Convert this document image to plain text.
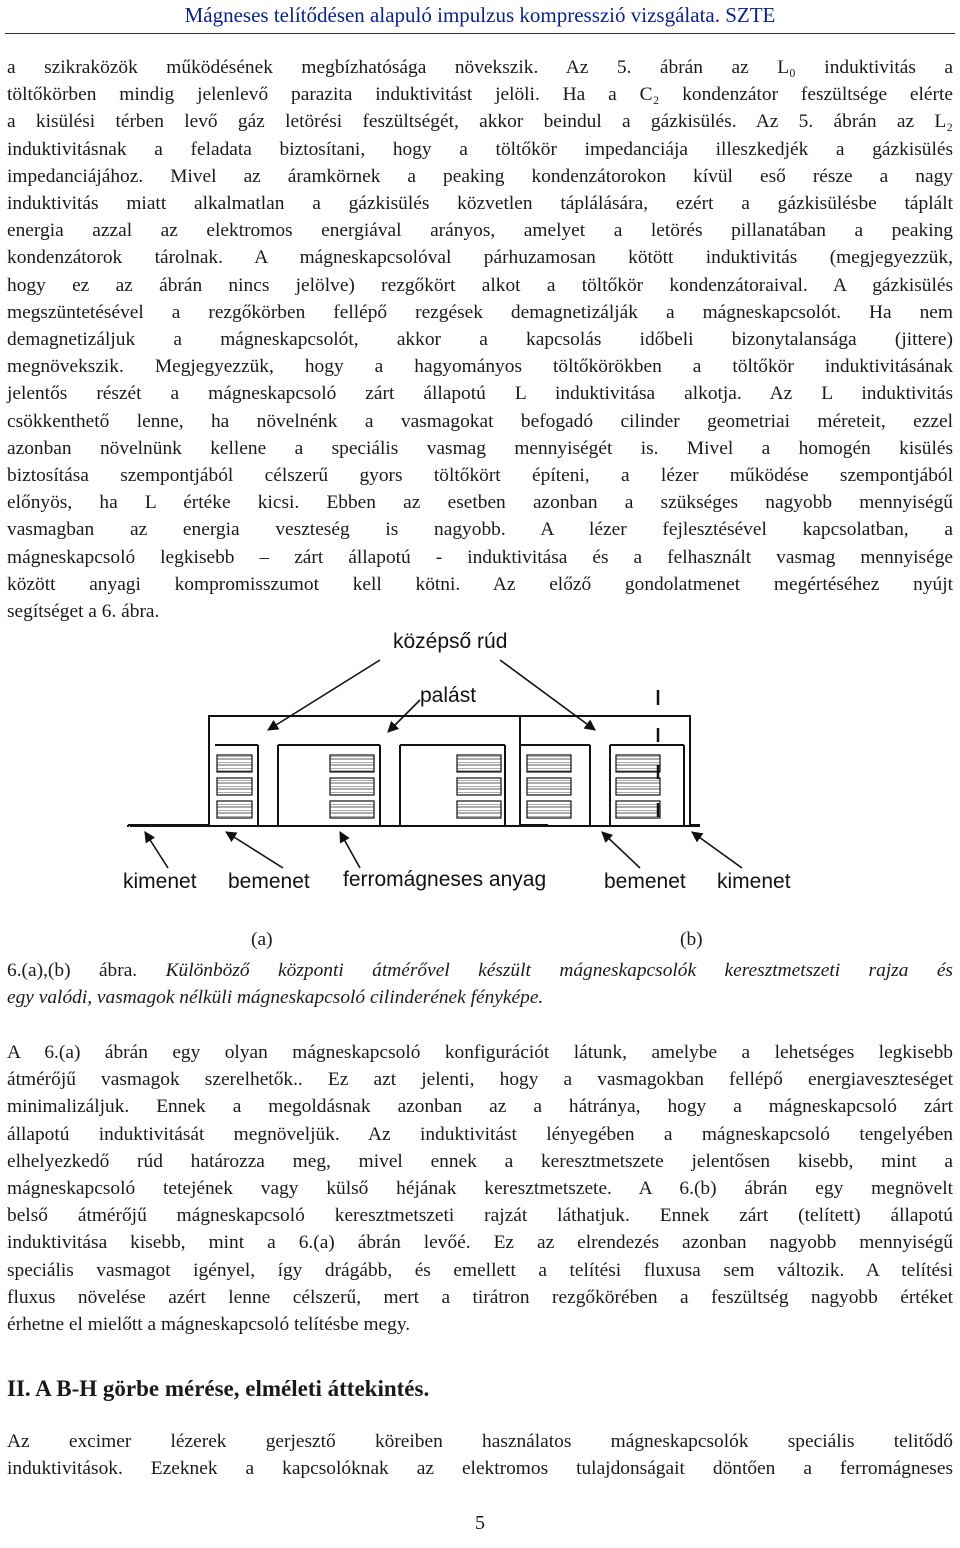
Mágneses telítődésen alapuló impulzus kompresszió vizsgálata. SZTE
a szikraközök működésének megbízhatósága növekszik. Az 5. ábrán az L₀ induktivitás a
töltőkörben mindig jelenlevő parazita induktivitást jelöli. Ha a C₂ kondenzátor feszültsége elérte
a kisülési térben levő gáz letörési feszültségét, akkor beindul a gázkisülés. Az 5. ábrán az L₂
induktivitásnak a feladata biztosítani, hogy a töltőkör impedanciája illeszkedjék a gázkisülés
impedanciájához. Mivel az áramkörnek a peaking kondenzátorokon kívül eső része a nagy
induktivitás miatt alkalmatlan a gázkisülés közvetlen táplálására, ezért a gázkisülésbe táplált
energia azzal az elektromos energiával arányos, amelyet a letörés pillanatában a peaking
kondenzátorok tárolnak. A mágneskapcsolóval párhuzamosan kötött induktivitás (megjegyezzük,
hogy ez az ábrán nincs jelölve) rezgőkört alkot a töltőkör kondenzátoraival. A gázkisülés
megszüntetésével a rezgőkörben fellépő rezgések demagnetizálják a mágneskapcsolót. Ha nem
demagnetizáljuk a mágneskapcsolót, akkor a kapcsolás időbeli bizonytalansága (jittere)
megnövekszik. Megjegyezzük, hogy a hagyományos töltőkörökben a töltőkör induktivitásának
jelentős részét a mágneskapcsoló zárt állapotú L induktivitása alkotja. Az L induktivitás
csökkenthető lenne, ha növelnénk a vasmagokat befogadó cilinder geometriai méreteit, ezzel
azonban növelnünk kellene a speciális vasmag mennyiségét is. Mivel a homogén kisülés
biztosítása szempontjából célszerű gyors töltőkört építeni, a lézer működése szempontjából
előnyös, ha L értéke kicsi. Ebben az esetben azonban a szükséges nagyobb mennyiségű
vasmagban az energia veszteség is nagyobb. A lézer fejlesztésével kapcsolatban, a
mágneskapcsoló legkisebb – zárt állapotú - induktivitása és a felhasznált vasmag mennyisége
között anyagi kompromisszumot kell kötni. Az előző gondolatmenet megértéséhez nyújt
segítséget a 6. ábra.
középső rúd
palást
kimenet bemenet ferromágneses anyag	bemenet kimenet
(a)	(b)
6.(a),(b) ábra. Különböző központi átmérővel készült mágneskapcsolók keresztmetszeti rajza és
egy valódi, vasmagok nélküli mágneskapcsoló cilinderének fényképe.
A 6.(a) ábrán egy olyan mágneskapcsoló konfigurációt látunk, amelybe a lehetséges legkisebb
átmérőjű vasmagok szerelhetők.. Ez azt jelenti, hogy a vasmagokban fellépő energiaveszteséget
minimalizáljuk. Ennek a megoldásnak azonban az a hátránya, hogy a mágneskapcsoló zárt
állapotú induktivitását megnöveljük. Az induktivitást lényegében a mágneskapcsoló tengelyében
elhelyezkedő rúd határozza meg, mivel ennek a keresztmetszete jelentősen kisebb, mint a
mágneskapcsoló tetejének vagy külső héjának keresztmetszete. A 6.(b) ábrán egy megnövelt
belső átmérőjű mágneskapcsoló keresztmetszeti rajzát láthatjuk. Ennek zárt (telített) állapotú
induktivitása kisebb, mint a 6.(a) ábrán levőé. Ez az elrendezés azonban nagyobb mennyiségű
speciális vasmagot igényel, így drágább, és emellett a telítési fluxusa sem változik. A telítési
fluxus növelése azért lenne célszerű, mert a tirátron rezgőkörében a feszültség nagyobb értéket
érhetne el mielőtt a mágneskapcsoló telítésbe megy.
II. A B-H görbe mérése, elméleti áttekintés.
Az excimer lézerek gerjesztő köreiben használatos mágneskapcsolók speciális telitődő
induktivitások. Ezeknek a kapcsolóknak az elektromos tulajdonságait döntően a ferromágneses
5
